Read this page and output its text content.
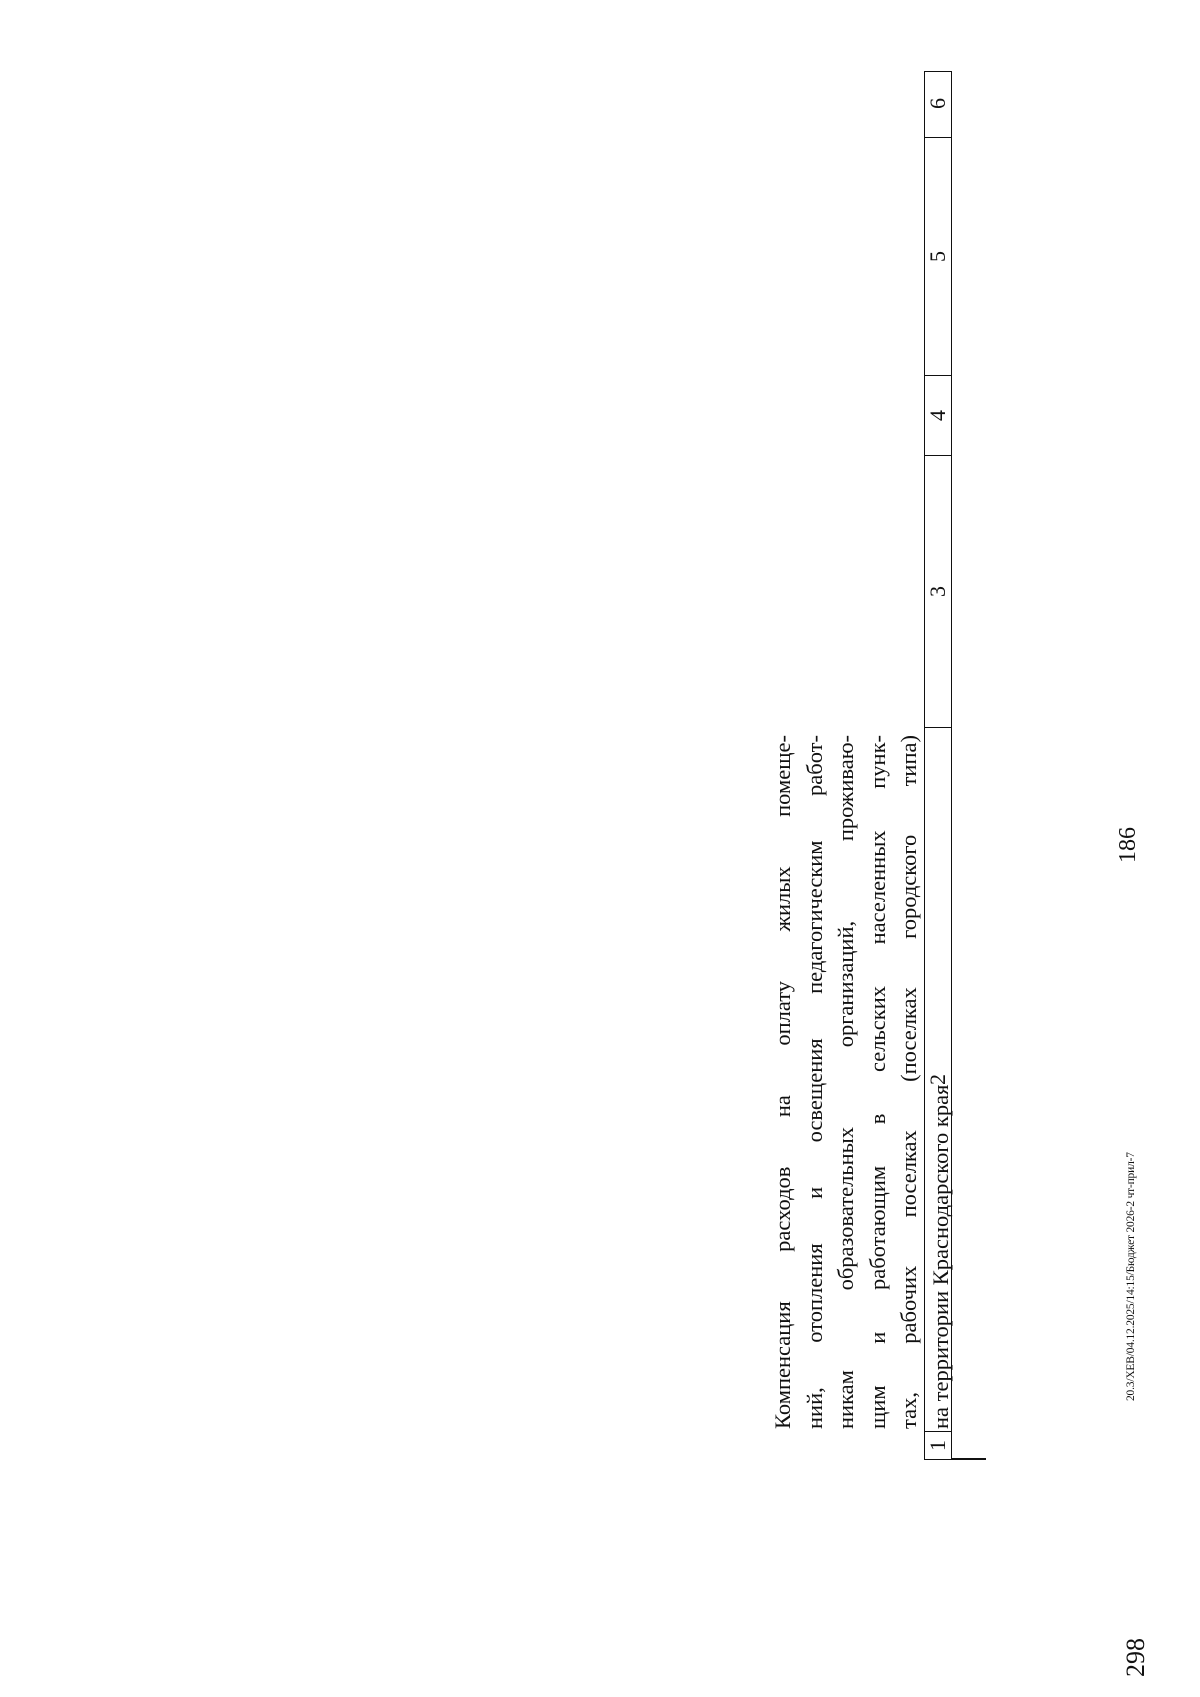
186
298
20.3/ХЕВ/04.12.2025/14:15/Бюджет 2026-2 чт-прил-7
1
2
3
4
5
6
Компенсация расходов на оплату жилых помеще- ний, отопления и освещения педагогическим работ- никам образовательных организаций, проживаю- щим и работающим в сельских населенных пунк- тах, рабочих поселках (поселках городского типа) на территории Краснодарского края
